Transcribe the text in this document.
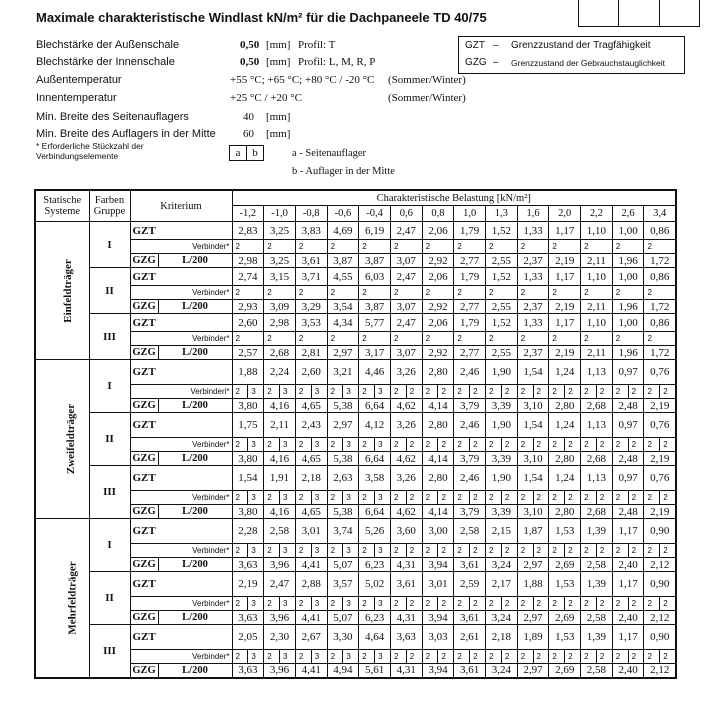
Maximale charakteristische Windlast kN/m² für die Dachpaneele TD 40/75
Blechstärke der Außenschale	0,50 [mm] Profil: T
Blechstärke der Innenschale	0,50 [mm] Profil: L, M, R, P
Außentemperatur	+55 °C; +65 °C; +80 °C / -20 °C (Sommer/Winter)
Innentemperatur	+25 °C / +20 °C	(Sommer/Winter)
Min. Breite des Seitenauflagers	40 [mm]
Min. Breite des Auflagers in der Mitte 60 [mm]
* Erforderliche Stückzahl der
Verbindungselemente	a	b	a - Seitenauflager
b - Auflager in der Mitte
GZT – Grenzzustand der Tragfähigkeit
GZG – Grenzzustand der Gebrauchstauglichkeit
Statische Systeme	Farben Gruppe	Kriterium		Charakteristische Belastung [kN/m²]																											
				-1,2		-1,0		-0,8		-0,6		-0,4		0,6		0,8		1,0		1,3		1,6		2,0		2,2		2,6		3,4	
Einfeldträger	I	GZT		2,83		3,25		3,83		4,69		6,19		2,47		2,06		1,79		1,52		1,33		1,17		1,10		1,00		0,86	
		Verbinder*		2		2		2		2		2		2		2		2		2		2		2		2		2		2	
		GZG	L/200	2,98		3,25		3,61		3,87		3,87		3,07		2,92		2,77		2,55		2,37		2,19		2,11		1,96		1,72	
	II	GZT		2,74		3,15		3,71		4,55		6,03		2,47		2,06		1,79		1,52		1,33		1,17		1,10		1,00		0,86	
		Verbinder*		2		2		2		2		2		2		2		2		2		2		2		2		2		2	
		GZG	L/200	2,93		3,09		3,29		3,54		3,87		3,07		2,92		2,77		2,55		2,37		2,19		2,11		1,96		1,72	
	III	GZT		2,60		2,98		3,53		4,34		5,77		2,47		2,06		1,79		1,52		1,33		1,17		1,10		1,00		0,86	
		Verbinder*		2		2		2		2		2		2		2		2		2		2		2		2		2		2	
		GZG	L/200	2,57		2,68		2,81		2,97		3,17		3,07		2,92		2,77		2,55		2,37		2,19		2,11		1,96		1,72	
Zweifeldträger	I	GZT		1,88		2,24		2,60		3,21		4,46		3,26		2,80		2,46		1,90		1,54		1,24		1,13		0,97		0,76	
		Verbinderi*		2	3	2	3	2	3	2	3	2	3	2	2	2	2	2	2	2	2	2	2	2	2	2	2	2	2	2	2
		GZG	L/200	3,80		4,16		4,65		5,38		6,64		4,62		4,14		3,79		3,39		3,10		2,80		2,68		2,48		2,19	
	II	GZT		1,75		2,11		2,43		2,97		4,12		3,26		2,80		2,46		1,90		1,54		1,24		1,13		0,97		0,76	
		Verbinder*		2	3	2	3	2	3	2	3	2	3	2	2	2	2	2	2	2	2	2	2	2	2	2	2	2	2	2	2
		GZG	L/200	3,80		4,16		4,65		5,38		6,64		4,62		4,14		3,79		3,39		3,10		2,80		2,68		2,48		2,19	
	III	GZT		1,54		1,91		2,18		2,63		3,58		3,26		2,80		2,46		1,90		1,54		1,24		1,13		0,97		0,76	
		Verbinder*		2	3	2	3	2	3	2	3	2	3	2	2	2	2	2	2	2	2	2	2	2	2	2	2	2	2	2	2
		GZG	L/200	3,80		4,16		4,65		5,38		6,64		4,62		4,14		3,79		3,39		3,10		2,80		2,68		2,48		2,19	
Mehrfeldträger	I	GZT		2,28		2,58		3,01		3,74		5,26		3,60		3,00		2,58		2,15		1,87		1,53		1,39		1,17		0,90	
		Verbinder*		2	3	2	3	2	3	2	3	2	3	2	2	2	2	2	2	2	2	2	2	2	2	2	2	2	2	2	2
		GZG	L/200	3,63		3,96		4,41		5,07		6,23		4,31		3,94		3,61		3,24		2,97		2,69		2,58		2,40		2,12	
	II	GZT		2,19		2,47		2,88		3,57		5,02		3,61		3,01		2,59		2,17		1,88		1,53		1,39		1,17		0,90	
		Verbinder*		2	3	2	3	2	3	2	3	2	3	2	2	2	2	2	2	2	2	2	2	2	2	2	2	2	2	2	2
		GZG	L/200	3,63		3,96		4,41		5,07		6,23		4,31		3,94		3,61		3,24		2,97		2,69		2,58		2,40		2,12	
	III	GZT		2,05		2,30		2,67		3,30		4,64		3,63		3,03		2,61		2,18		1,89		1,53		1,39		1,17		0,90	
		Verbinder*		2	3	2	3	2	3	2	3	2	3	2	2	2	2	2	2	2	2	2	2	2	2	2	2	2	2	2	2
		GZG	L/200	3,63		3,96		4,41		4,94		5,61		4,31		3,94		3,61		3,24		2,97		2,69		2,58		2,40		2,12	
